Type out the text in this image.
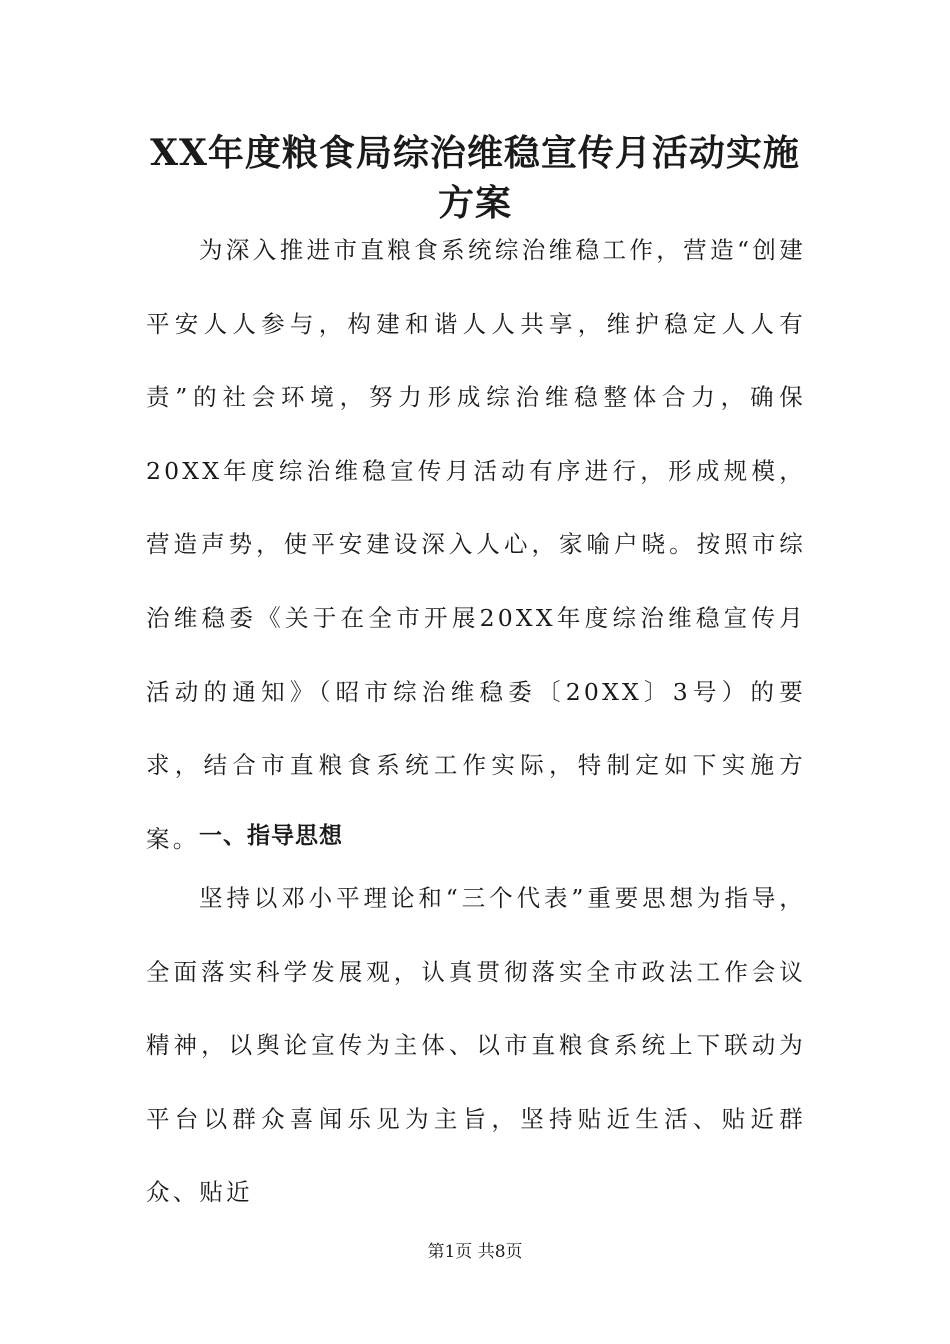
XX年度粮食局综治维稳宣传月活动实施方案

为深入推进市直粮食系统综治维稳工作，营造“创建平安人人参与，构建和谐人人共享，维护稳定人人有责”的社会环境，努力形成综治维稳整体合力，确保20XX年度综治维稳宣传月活动有序进行，形成规模，营造声势，使平安建设深入人心，家喻户晓。按照市综治维稳委《关于在全市开展20XX年度综治维稳宣传月活动的通知》（昭市综治维稳委〔20XX〕3号）的要求，结合市直粮食系统工作实际，特制定如下实施方案。 一、指导思想

坚持以邓小平理论和“三个代表”重要思想为指导，全面落实科学发展观，认真贯彻落实全市政法工作会议精神，以舆论宣传为主体、以市直粮食系统上下联动为平台以群众喜闻乐见为主旨，坚持贴近生活、贴近群众、贴近

第1页 共8页
